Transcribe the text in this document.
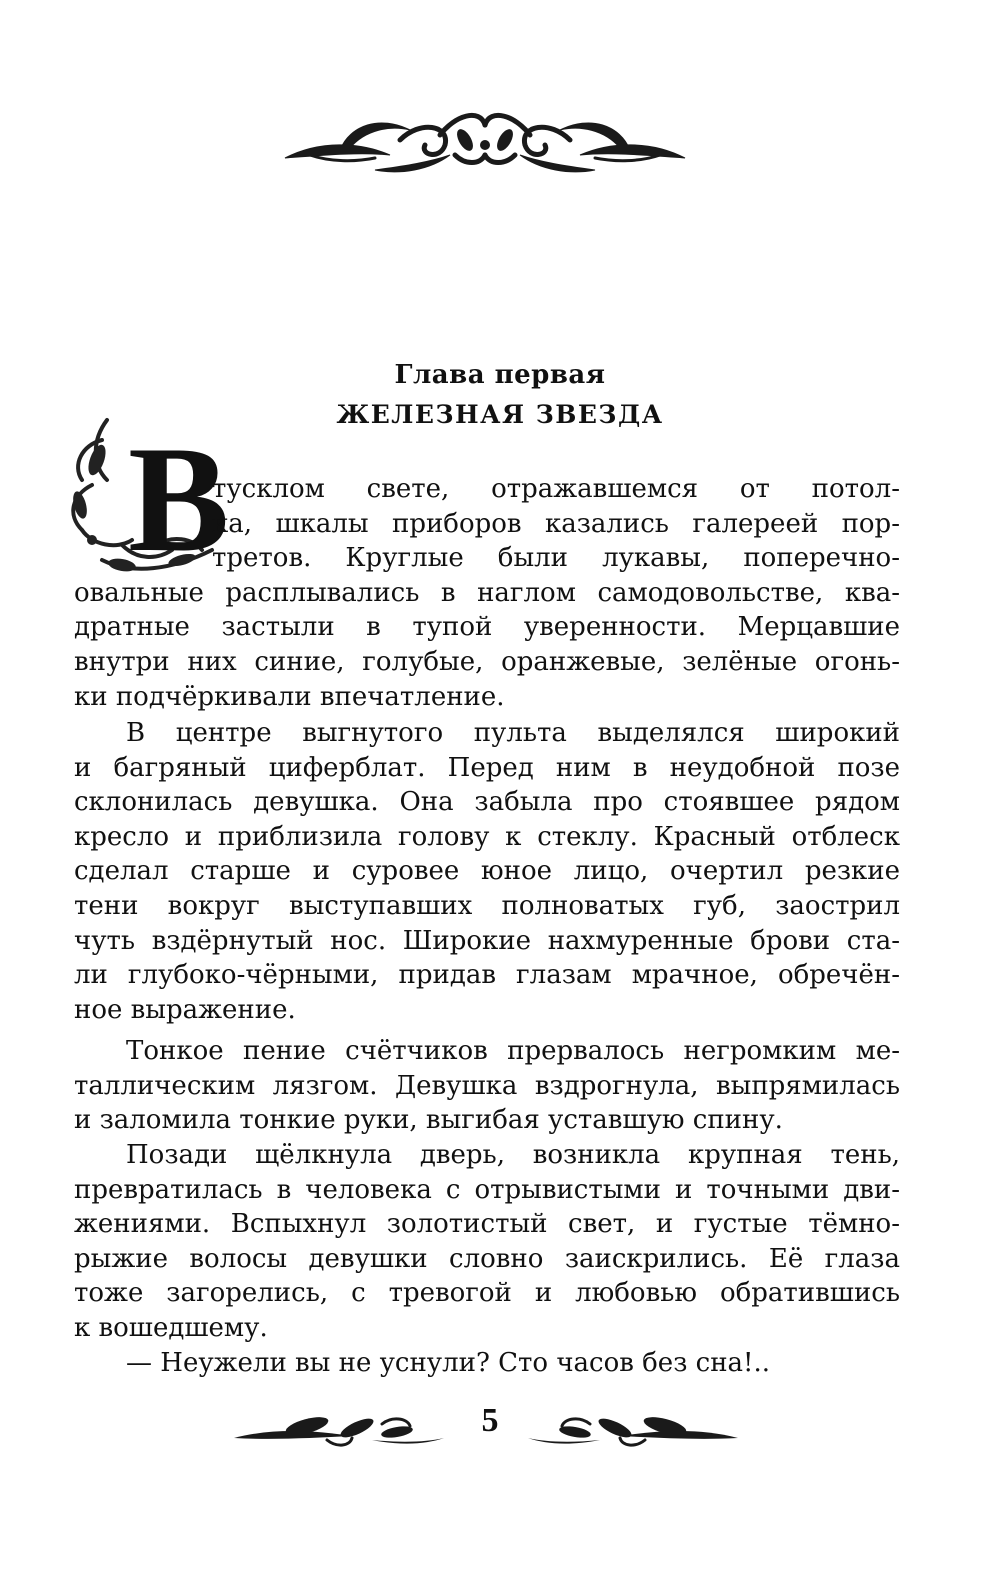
Глава первая
ЖЕЛЕЗНАЯ ЗВЕЗДА
В
тусклом свете, отражавшемся от потол-
ка, шкалы приборов казались галереей пор-
третов. Круглые были лукавы, поперечно-
овальные расплывались в наглом самодовольстве, ква-
дратные застыли в тупой уверенности. Мерцавшие
внутри них синие, голубые, оранжевые, зелёные огонь-
ки подчёркивали впечатление.
В центре выгнутого пульта выделялся широкий
и багряный циферблат. Перед ним в неудобной позе
склонилась девушка. Она забыла про стоявшее рядом
кресло и приблизила голову к стеклу. Красный отблеск
сделал старше и суровее юное лицо, очертил резкие
тени вокруг выступавших полноватых губ, заострил
чуть вздёрнутый нос. Широкие нахмуренные брови ста-
ли глубоко-чёрными, придав глазам мрачное, обречён-
ное выражение.
Тонкое пение счётчиков прервалось негромким ме-
таллическим лязгом. Девушка вздрогнула, выпрямилась
и заломила тонкие руки, выгибая уставшую спину.
Позади щёлкнула дверь, возникла крупная тень,
превратилась в человека с отрывистыми и точными дви-
жениями. Вспыхнул золотистый свет, и густые тёмно-
рыжие волосы девушки словно заискрились. Её глаза
тоже загорелись, с тревогой и любовью обратившись
к вошедшему.
— Неужели вы не уснули? Сто часов без сна!..
5
